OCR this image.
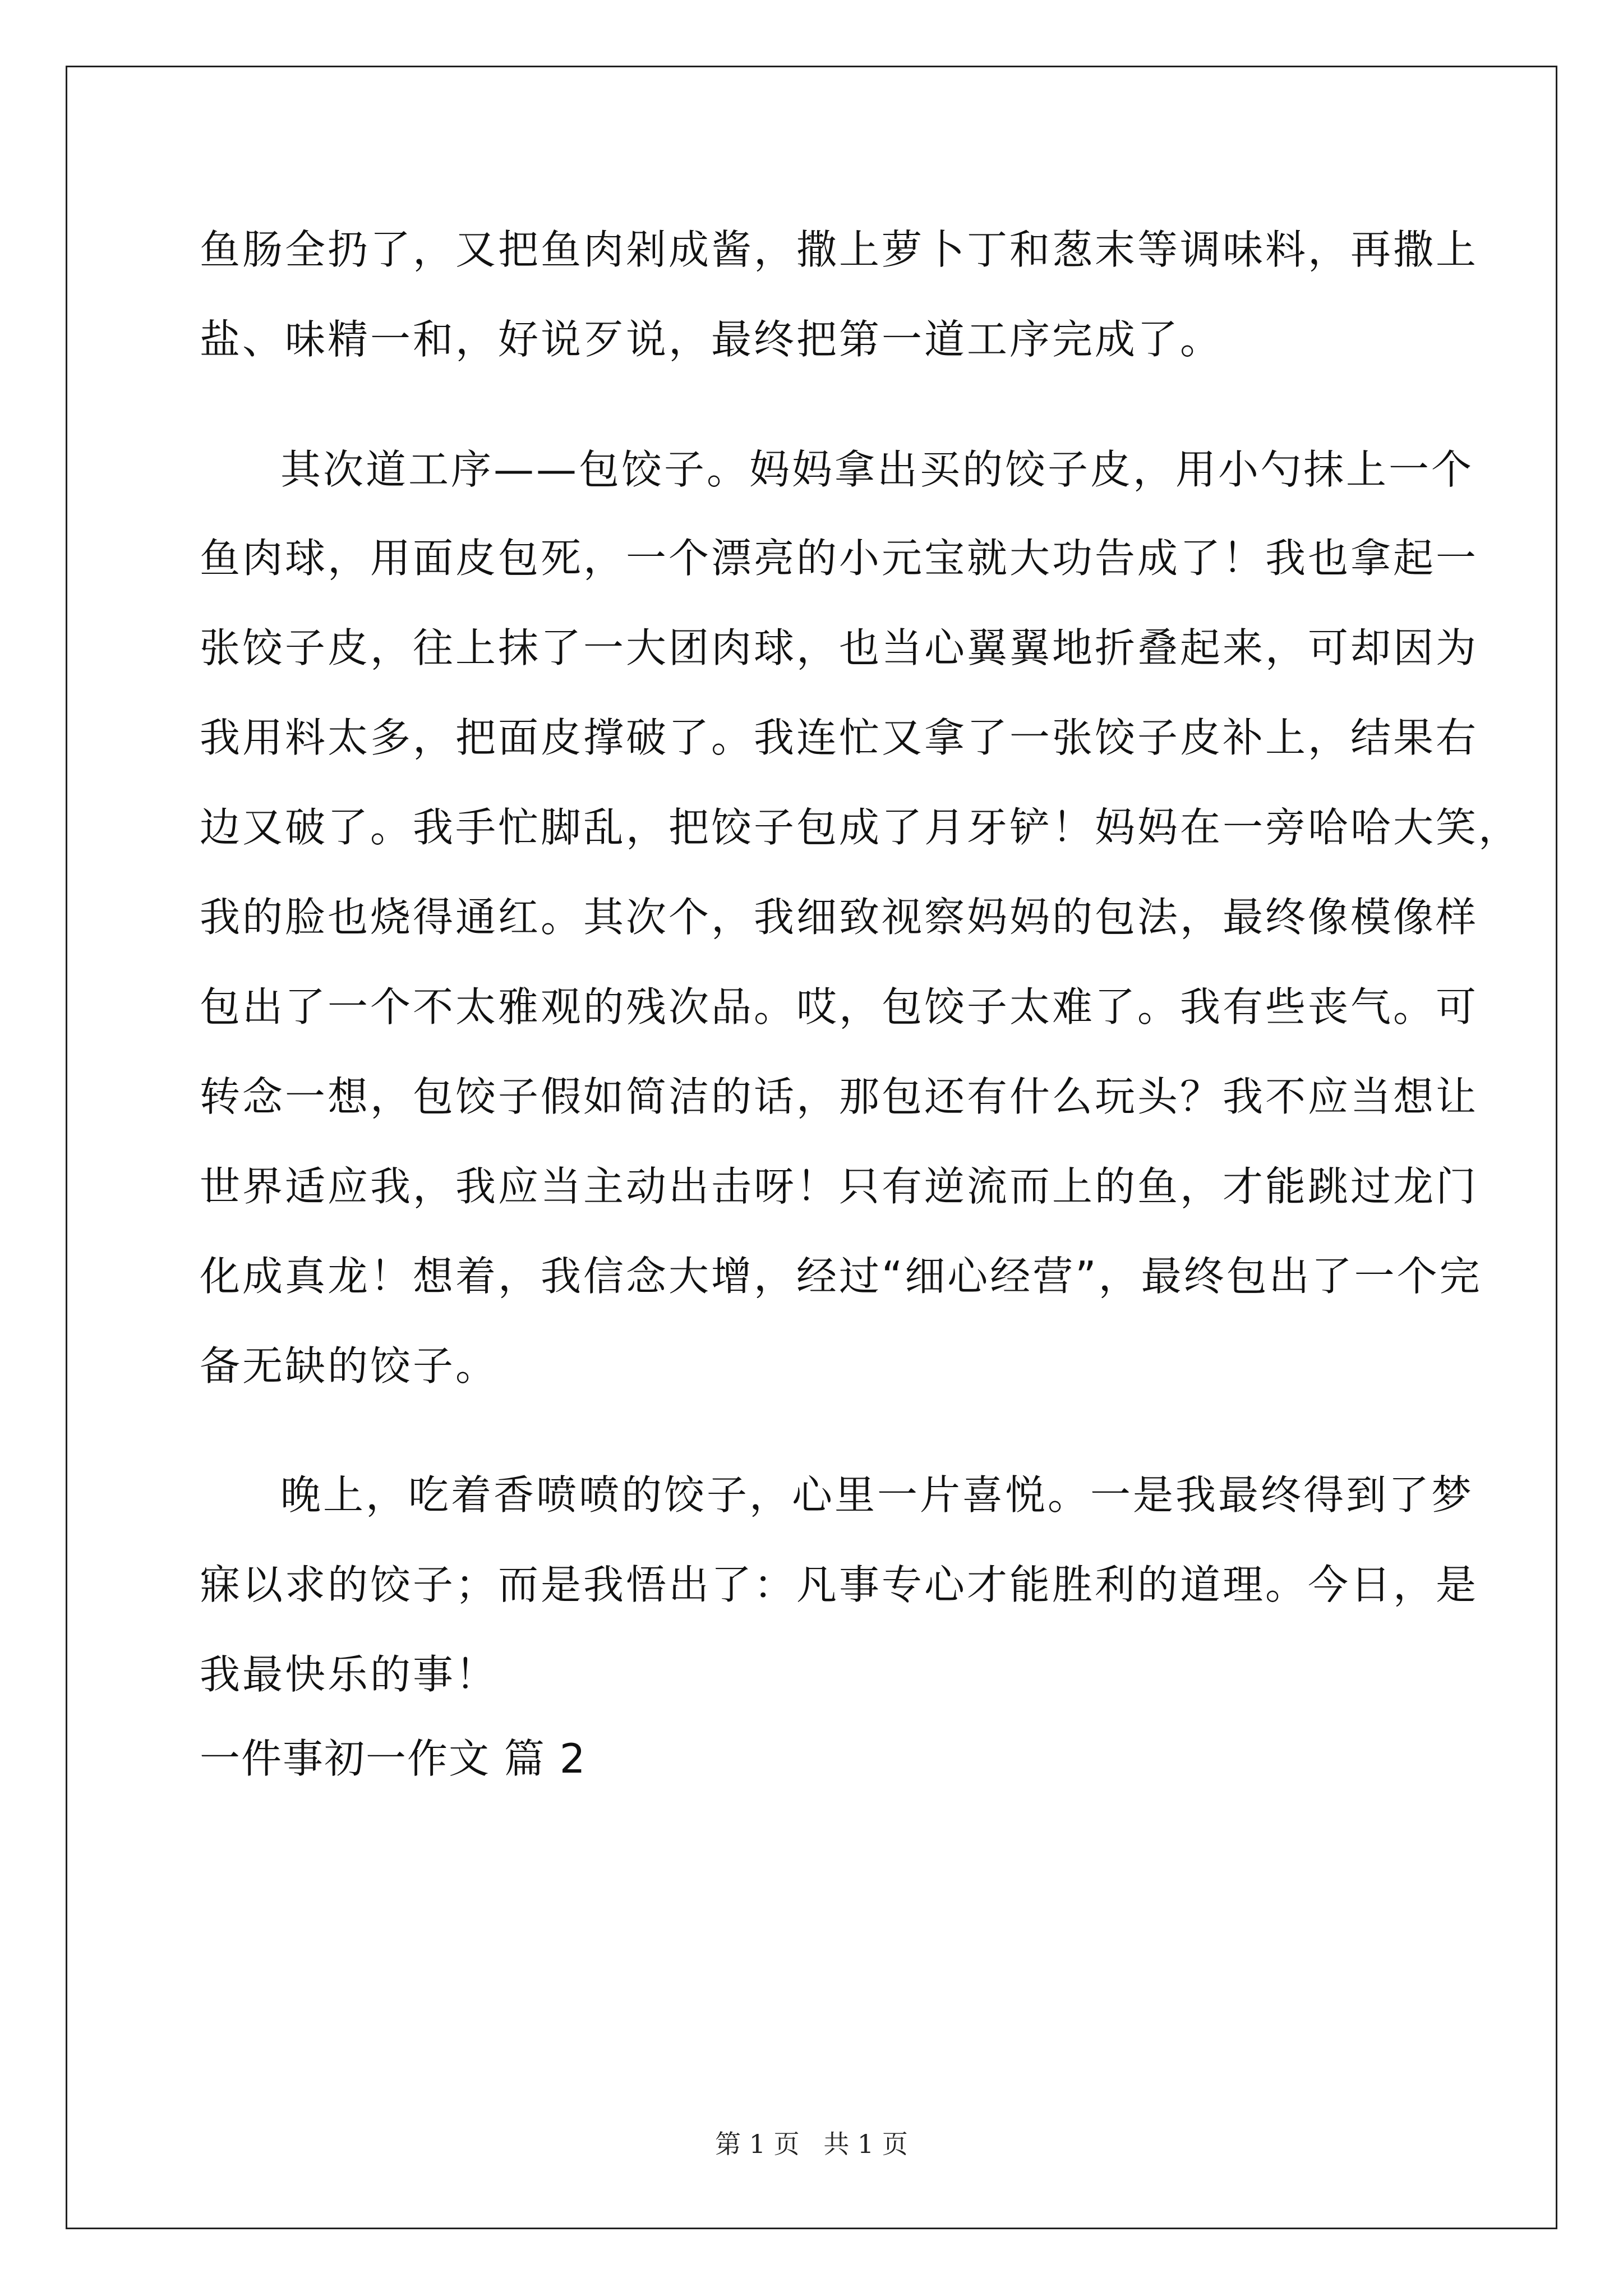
鱼肠全扔了，又把鱼肉剁成酱，撒上萝卜丁和葱末等调味料，再撒上
盐、味精一和，好说歹说，最终把第一道工序完成了。
其次道工序——包饺子。妈妈拿出买的饺子皮，用小勺抹上一个
鱼肉球，用面皮包死，一个漂亮的小元宝就大功告成了！我也拿起一
张饺子皮，往上抹了一大团肉球，也当心翼翼地折叠起来，可却因为
我用料太多，把面皮撑破了。我连忙又拿了一张饺子皮补上，结果右
边又破了。我手忙脚乱，把饺子包成了月牙铲！妈妈在一旁哈哈大笑，
我的脸也烧得通红。其次个，我细致视察妈妈的包法，最终像模像样
包出了一个不太雅观的残次品。哎，包饺子太难了。我有些丧气。可
转念一想，包饺子假如简洁的话，那包还有什么玩头？我不应当想让
世界适应我，我应当主动出击呀！只有逆流而上的鱼，才能跳过龙门
化成真龙！想着，我信念大增，经过“细心经营”，最终包出了一个完
备无缺的饺子。
晚上，吃着香喷喷的饺子，心里一片喜悦。一是我最终得到了梦
寐以求的饺子；而是我悟出了：凡事专心才能胜利的道理。今日，是
我最快乐的事！
一件事初一作文 篇 2
第 1 页 共 1 页
